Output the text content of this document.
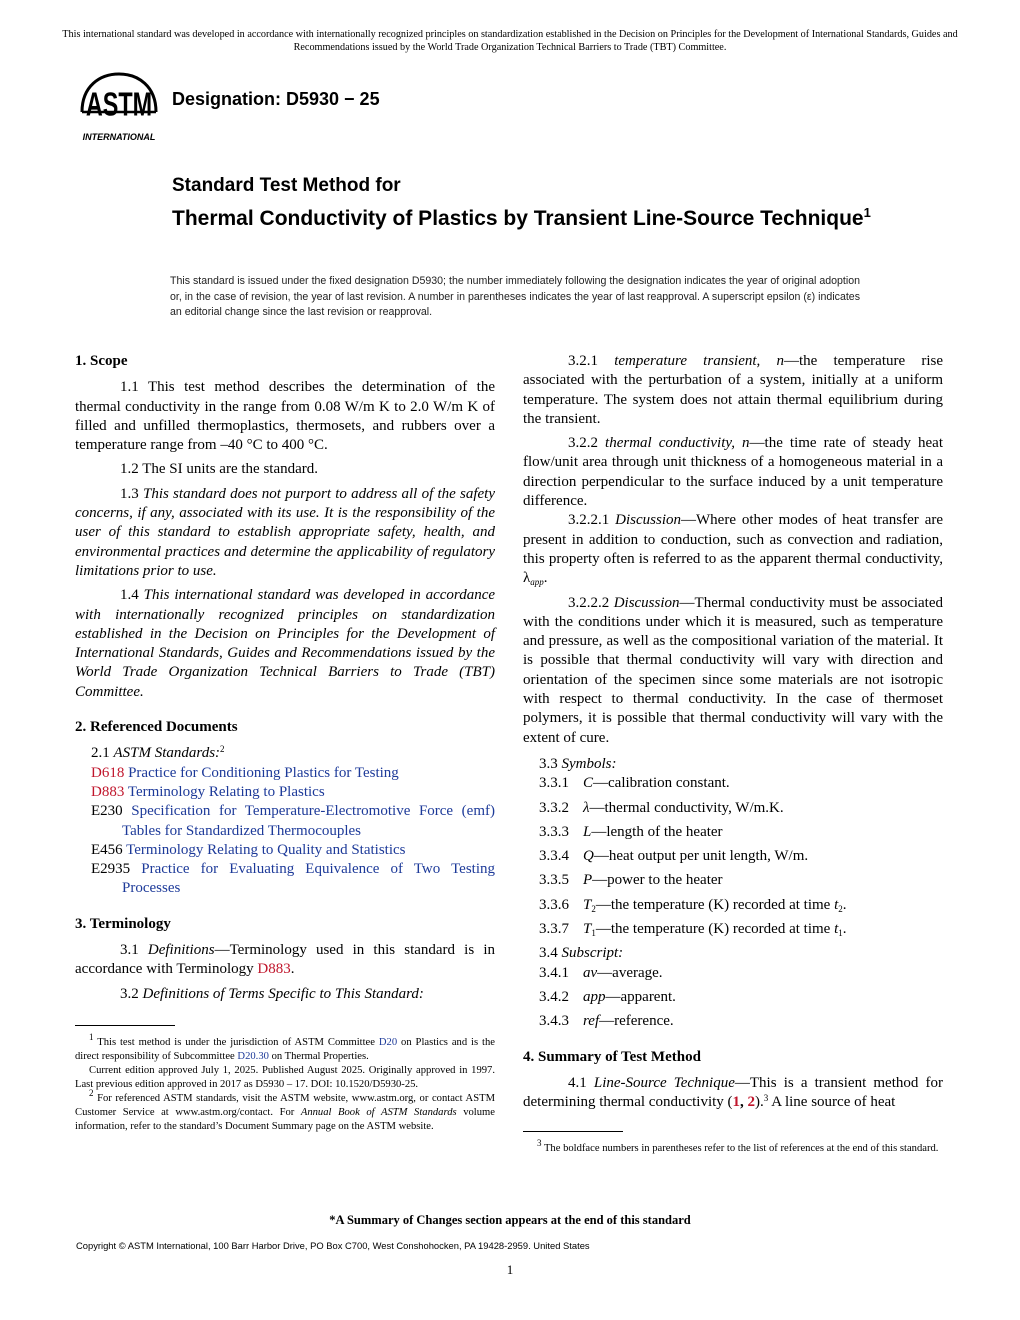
This international standard was developed in accordance with internationally recognized principles on standardization established in the Decision on Principles for the Development of International Standards, Guides and Recommendations issued by the World Trade Organization Technical Barriers to Trade (TBT) Committee.
ASTM
INTERNATIONAL
Designation: D5930 − 25
Standard Test Method for
Thermal Conductivity of Plastics by Transient Line-Source Technique$^1$
This standard is issued under the fixed designation D5930; the number immediately following the designation indicates the year of original adoption or, in the case of revision, the year of last revision. A number in parentheses indicates the year of last reapproval. A superscript epsilon (ε) indicates an editorial change since the last revision or reapproval.

1. Scope

1.1 This test method describes the determination of the thermal conductivity in the range from 0.08 W/m K to 2.0 W/m K of filled and unfilled thermoplastics, thermosets, and rubbers over a temperature range from –40 °C to 400 °C.

1.2 The SI units are the standard.

1.3 This standard does not purport to address all of the safety concerns, if any, associated with its use. It is the responsibility of the user of this standard to establish appropriate safety, health, and environmental practices and determine the applicability of regulatory limitations prior to use.

1.4 This international standard was developed in accordance with internationally recognized principles on standardization established in the Decision on Principles for the Development of International Standards, Guides and Recommendations issued by the World Trade Organization Technical Barriers to Trade (TBT) Committee.

2. Referenced Documents

2.1 ASTM Standards:$^2$

D618 Practice for Conditioning Plastics for Testing

D883 Terminology Relating to Plastics

E230 Specification for Temperature-Electromotive Force (emf) Tables for Standardized Thermocouples

E456 Terminology Relating to Quality and Statistics

E2935 Practice for Evaluating Equivalence of Two Testing Processes

3. Terminology

3.1 Definitions—Terminology used in this standard is in accordance with Terminology D883.

3.2 Definitions of Terms Specific to This Standard:

$^1$ This test method is under the jurisdiction of ASTM Committee D20 on Plastics and is the direct responsibility of Subcommittee D20.30 on Thermal Properties.

Current edition approved July 1, 2025. Published August 2025. Originally approved in 1997. Last previous edition approved in 2017 as D5930 – 17. DOI: 10.1520/D5930-25.

$^2$ For referenced ASTM standards, visit the ASTM website, www.astm.org, or contact ASTM Customer Service at www.astm.org/contact. For Annual Book of ASTM Standards volume information, refer to the standard’s Document Summary page on the ASTM website.

3.2.1 temperature transient, n—the temperature rise associated with the perturbation of a system, initially at a uniform temperature. The system does not attain thermal equilibrium during the transient.

3.2.2 thermal conductivity, n—the time rate of steady heat flow/unit area through unit thickness of a homogeneous material in a direction perpendicular to the surface induced by a unit temperature difference.

3.2.2.1 Discussion—Where other modes of heat transfer are present in addition to conduction, such as convection and radiation, this property often is referred to as the apparent thermal conductivity, $\lambda_{app}$.

3.2.2.2 Discussion—Thermal conductivity must be associated with the conditions under which it is measured, such as temperature and pressure, as well as the compositional variation of the material. It is possible that thermal conductivity will vary with direction and orientation of the specimen since some materials are not isotropic with respect to thermal conductivity. In the case of thermoset polymers, it is possible that thermal conductivity will vary with the extent of cure.

3.3 Symbols:

3.3.1 C—calibration constant.

3.3.2 λ—thermal conductivity, W/m.K.

3.3.3 L—length of the heater

3.3.4 Q—heat output per unit length, W/m.

3.3.5 P—power to the heater

3.3.6 $T_2—the$ temperature (K) recorded at time $t_2$.

3.3.7 $T_1—the$ temperature (K) recorded at time $t_1$.

3.4 Subscript:

3.4.1 av—average.

3.4.2 app—apparent.

3.4.3 ref—reference.

4. Summary of Test Method

4.1 Line-Source Technique—This is a transient method for determining thermal conductivity (1, 2).$^3$ A line source of heat

$^3$ The boldface numbers in parentheses refer to the list of references at the end of this standard.
*A Summary of Changes section appears at the end of this standard
Copyright © ASTM International, 100 Barr Harbor Drive, PO Box C700, West Conshohocken, PA 19428-2959. United States
1
